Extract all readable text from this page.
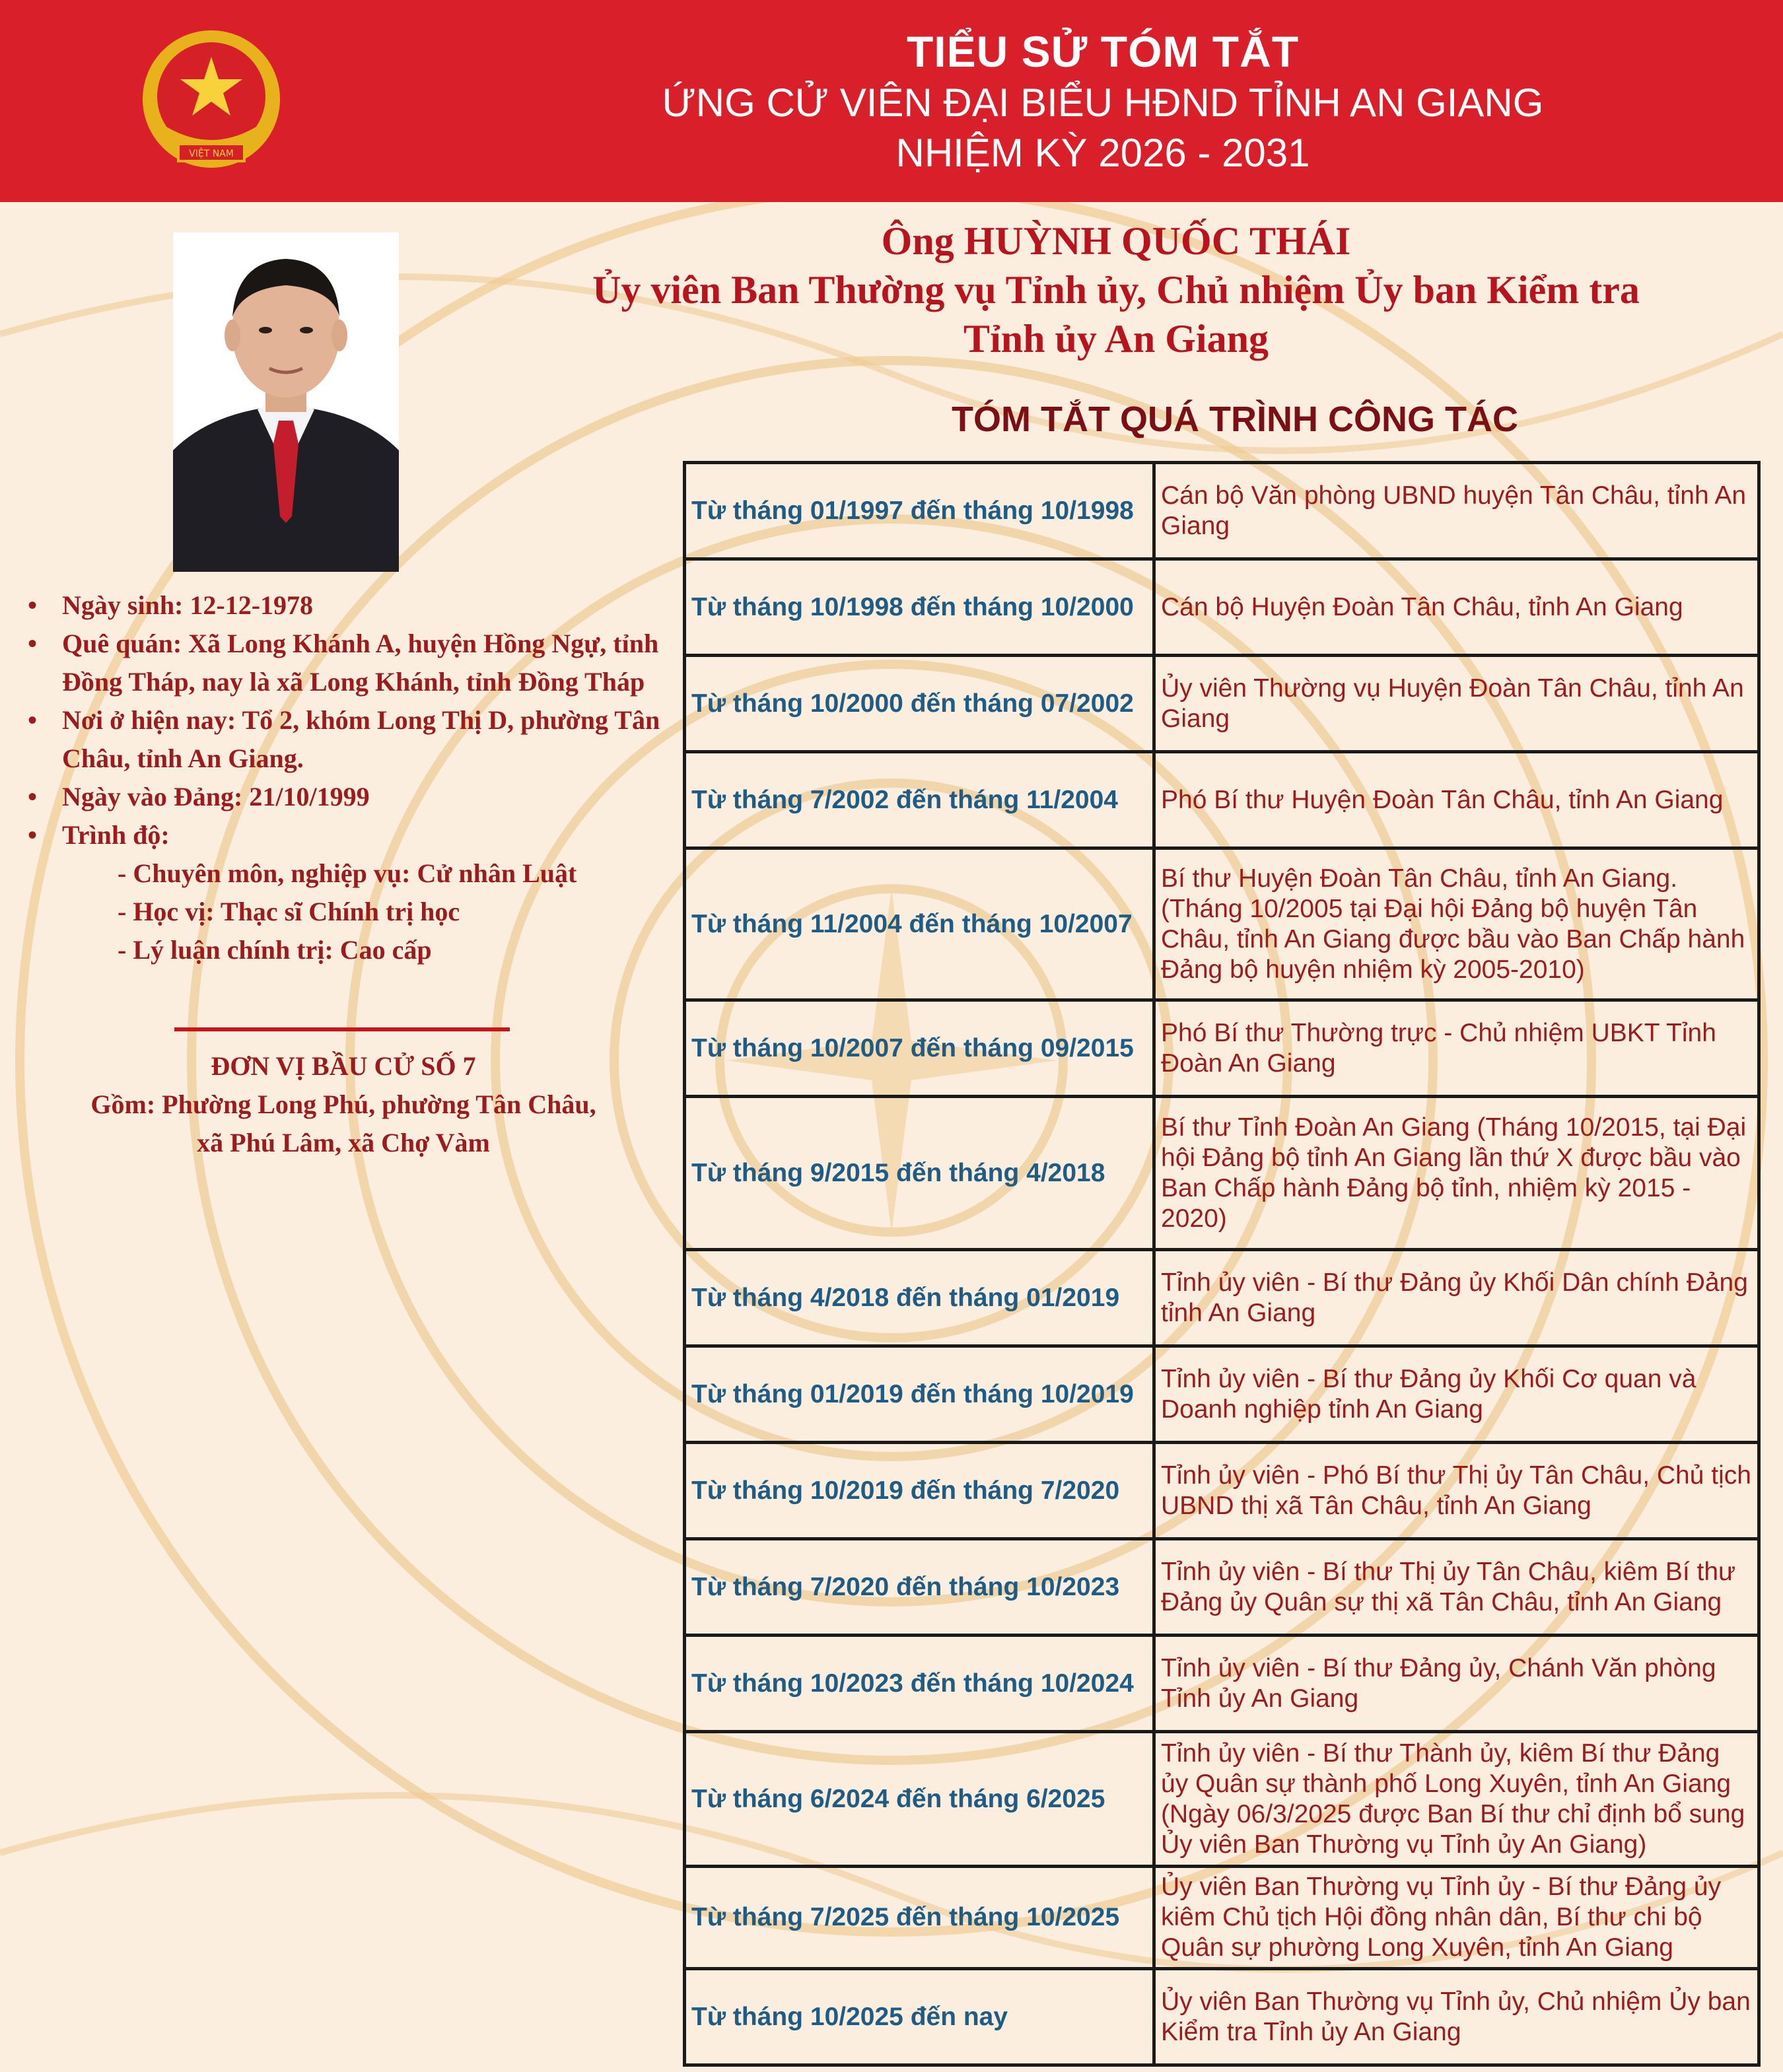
VIỆT NAM
TIỂU SỬ TÓM TẮT
ỨNG CỬ VIÊN ĐẠI BIỂU HĐND TỈNH AN GIANG
NHIỆM KỲ 2026 - 2031
Ông HUỲNH QUỐC THÁI
Ủy viên Ban Thường vụ Tỉnh ủy, Chủ nhiệm Ủy ban Kiểm tra
Tỉnh ủy An Giang
TÓM TẮT QUÁ TRÌNH CÔNG TÁC
• Ngày sinh: 12-12-1978
• Quê quán: Xã Long Khánh A, huyện Hồng Ngự, tỉnh Đồng Tháp, nay là xã Long Khánh, tỉnh Đồng Tháp
• Nơi ở hiện nay: Tổ 2, khóm Long Thị D, phường Tân Châu, tỉnh An Giang.
• Ngày vào Đảng: 21/10/1999
• Trình độ:
- Chuyên môn, nghiệp vụ: Cử nhân Luật
- Học vị: Thạc sĩ Chính trị học
- Lý luận chính trị: Cao cấp
ĐƠN VỊ BẦU CỬ SỐ 7
Gồm: Phường Long Phú, phường Tân Châu,
xã Phú Lâm, xã Chợ Vàm
Từ tháng 01/1997 đến tháng 10/1998	Cán bộ Văn phòng UBND huyện Tân Châu, tỉnh An Giang
Từ tháng 10/1998 đến tháng 10/2000	Cán bộ Huyện Đoàn Tân Châu, tỉnh An Giang
Từ tháng 10/2000 đến tháng 07/2002	Ủy viên Thường vụ Huyện Đoàn Tân Châu, tỉnh An Giang
Từ tháng 7/2002 đến tháng 11/2004	Phó Bí thư Huyện Đoàn Tân Châu, tỉnh An Giang
Từ tháng 11/2004 đến tháng 10/2007	Bí thư Huyện Đoàn Tân Châu, tỉnh An Giang. (Tháng 10/2005 tại Đại hội Đảng bộ huyện Tân Châu, tỉnh An Giang được bầu vào Ban Chấp hành Đảng bộ huyện nhiệm kỳ 2005-2010)
Từ tháng 10/2007 đến tháng 09/2015	Phó Bí thư Thường trực - Chủ nhiệm UBKT Tỉnh Đoàn An Giang
Từ tháng 9/2015 đến tháng 4/2018	Bí thư Tỉnh Đoàn An Giang (Tháng 10/2015, tại Đại hội Đảng bộ tỉnh An Giang lần thứ X được bầu vào Ban Chấp hành Đảng bộ tỉnh, nhiệm kỳ 2015 - 2020)
Từ tháng 4/2018 đến tháng 01/2019	Tỉnh ủy viên - Bí thư Đảng ủy Khối Dân chính Đảng tỉnh An Giang
Từ tháng 01/2019 đến tháng 10/2019	Tỉnh ủy viên - Bí thư Đảng ủy Khối Cơ quan và Doanh nghiệp tỉnh An Giang
Từ tháng 10/2019 đến tháng 7/2020	Tỉnh ủy viên - Phó Bí thư Thị ủy Tân Châu, Chủ tịch UBND thị xã Tân Châu, tỉnh An Giang
Từ tháng 7/2020 đến tháng 10/2023	Tỉnh ủy viên - Bí thư Thị ủy Tân Châu, kiêm Bí thư Đảng ủy Quân sự thị xã Tân Châu, tỉnh An Giang
Từ tháng 10/2023 đến tháng 10/2024	Tỉnh ủy viên - Bí thư Đảng ủy, Chánh Văn phòng Tỉnh ủy An Giang
Từ tháng 6/2024 đến tháng 6/2025	Tỉnh ủy viên - Bí thư Thành ủy, kiêm Bí thư Đảng ủy Quân sự thành phố Long Xuyên, tỉnh An Giang (Ngày 06/3/2025 được Ban Bí thư chỉ định bổ sung Ủy viên Ban Thường vụ Tỉnh ủy An Giang)
Từ tháng 7/2025 đến tháng 10/2025	Ủy viên Ban Thường vụ Tỉnh ủy - Bí thư Đảng ủy kiêm Chủ tịch Hội đồng nhân dân, Bí thư chi bộ Quân sự phường Long Xuyên, tỉnh An Giang
Từ tháng 10/2025 đến nay	Ủy viên Ban Thường vụ Tỉnh ủy, Chủ nhiệm Ủy ban Kiểm tra Tỉnh ủy An Giang
